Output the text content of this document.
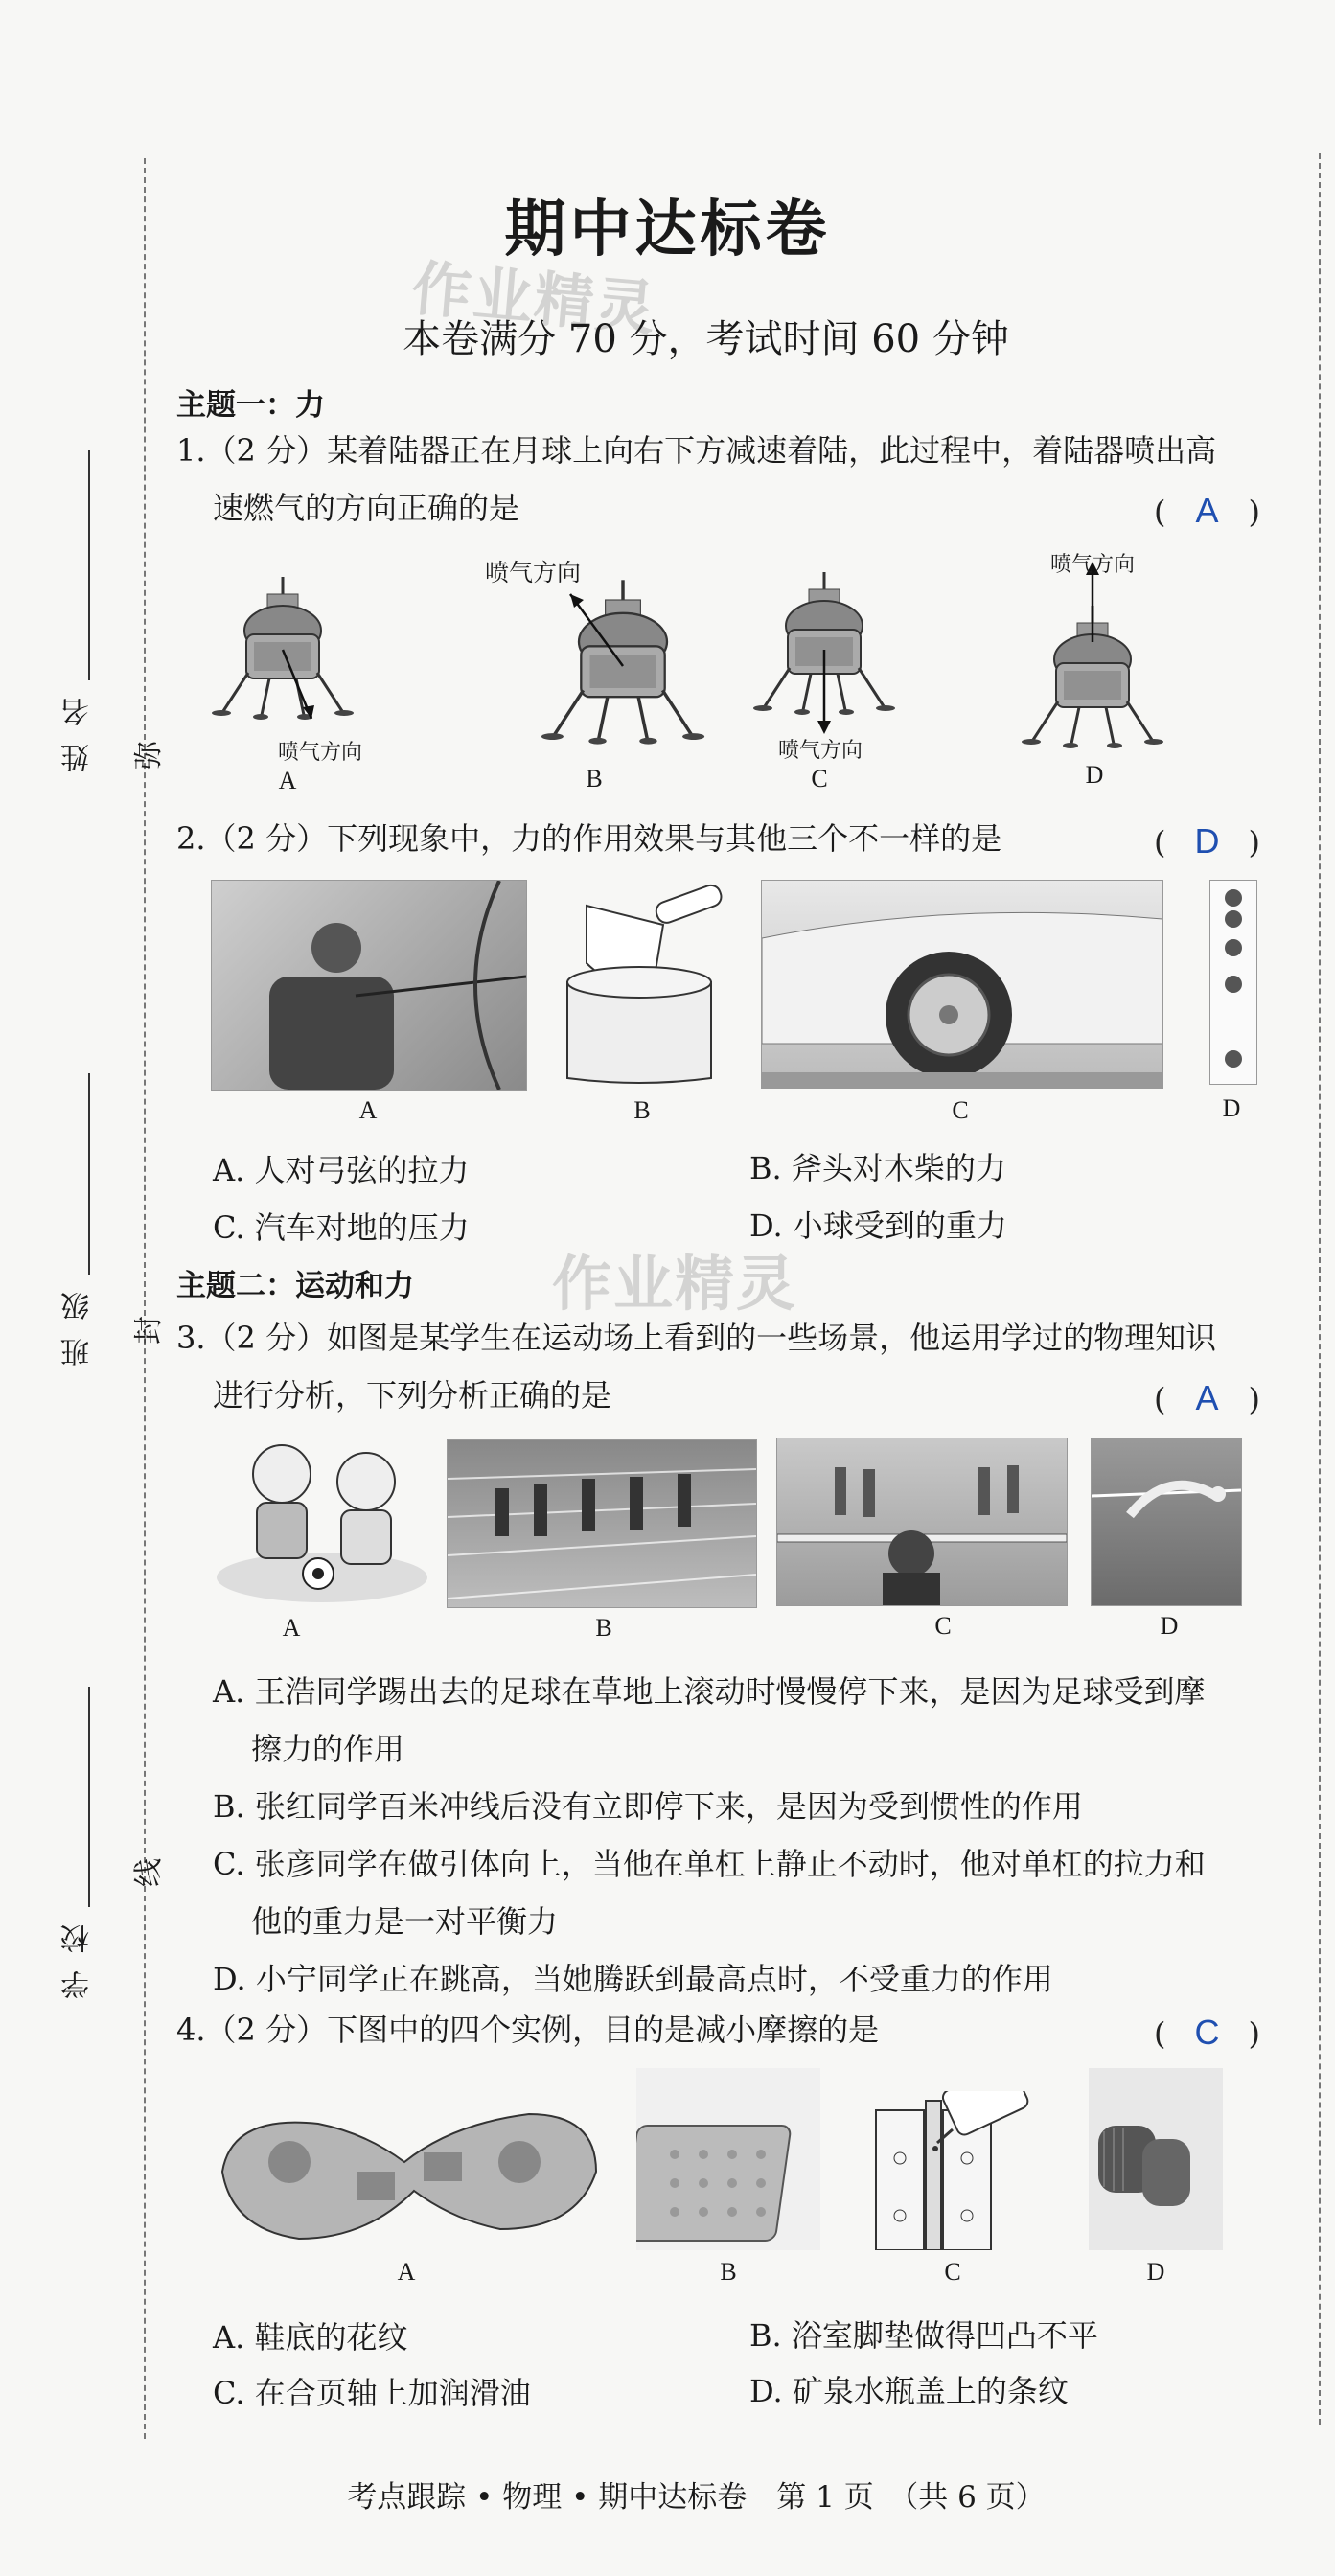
姓名
班级
学校
弥
封
线
期中达标卷
作业精灵
本卷满分 70 分，考试时间 60 分钟
主题一：力
1.（2 分）某着陆器正在月球上向右下方减速着陆，此过程中，着陆器喷出高
速燃气的方向正确的是	( A )
喷气方向
喷气方向
喷气方向
喷气方向
A	B	C	D
2.（2 分）下列现象中，力的作用效果与其他三个不一样的是	( D )
A	B	C	D
A. 人对弓弦的拉力	B. 斧头对木柴的力
C. 汽车对地的压力	D. 小球受到的重力
主题二：运动和力 作业精灵
3.（2 分）如图是某学生在运动场上看到的一些场景，他运用学过的物理知识
进行分析，下列分析正确的是	( A )
A	B	C	D
A. 王浩同学踢出去的足球在草地上滚动时慢慢停下来，是因为足球受到摩
擦力的作用
B. 张红同学百米冲线后没有立即停下来，是因为受到惯性的作用
C. 张彦同学在做引体向上，当他在单杠上静止不动时，他对单杠的拉力和
他的重力是一对平衡力
D. 小宁同学正在跳高，当她腾跃到最高点时，不受重力的作用
4.（2 分）下图中的四个实例，目的是减小摩擦的是	( C )
A	B	C	D
A. 鞋底的花纹	B. 浴室脚垫做得凹凸不平
C. 在合页轴上加润滑油	D. 矿泉水瓶盖上的条纹
考点跟踪 • 物理 • 期中达标卷　第 1 页　（共 6 页）
